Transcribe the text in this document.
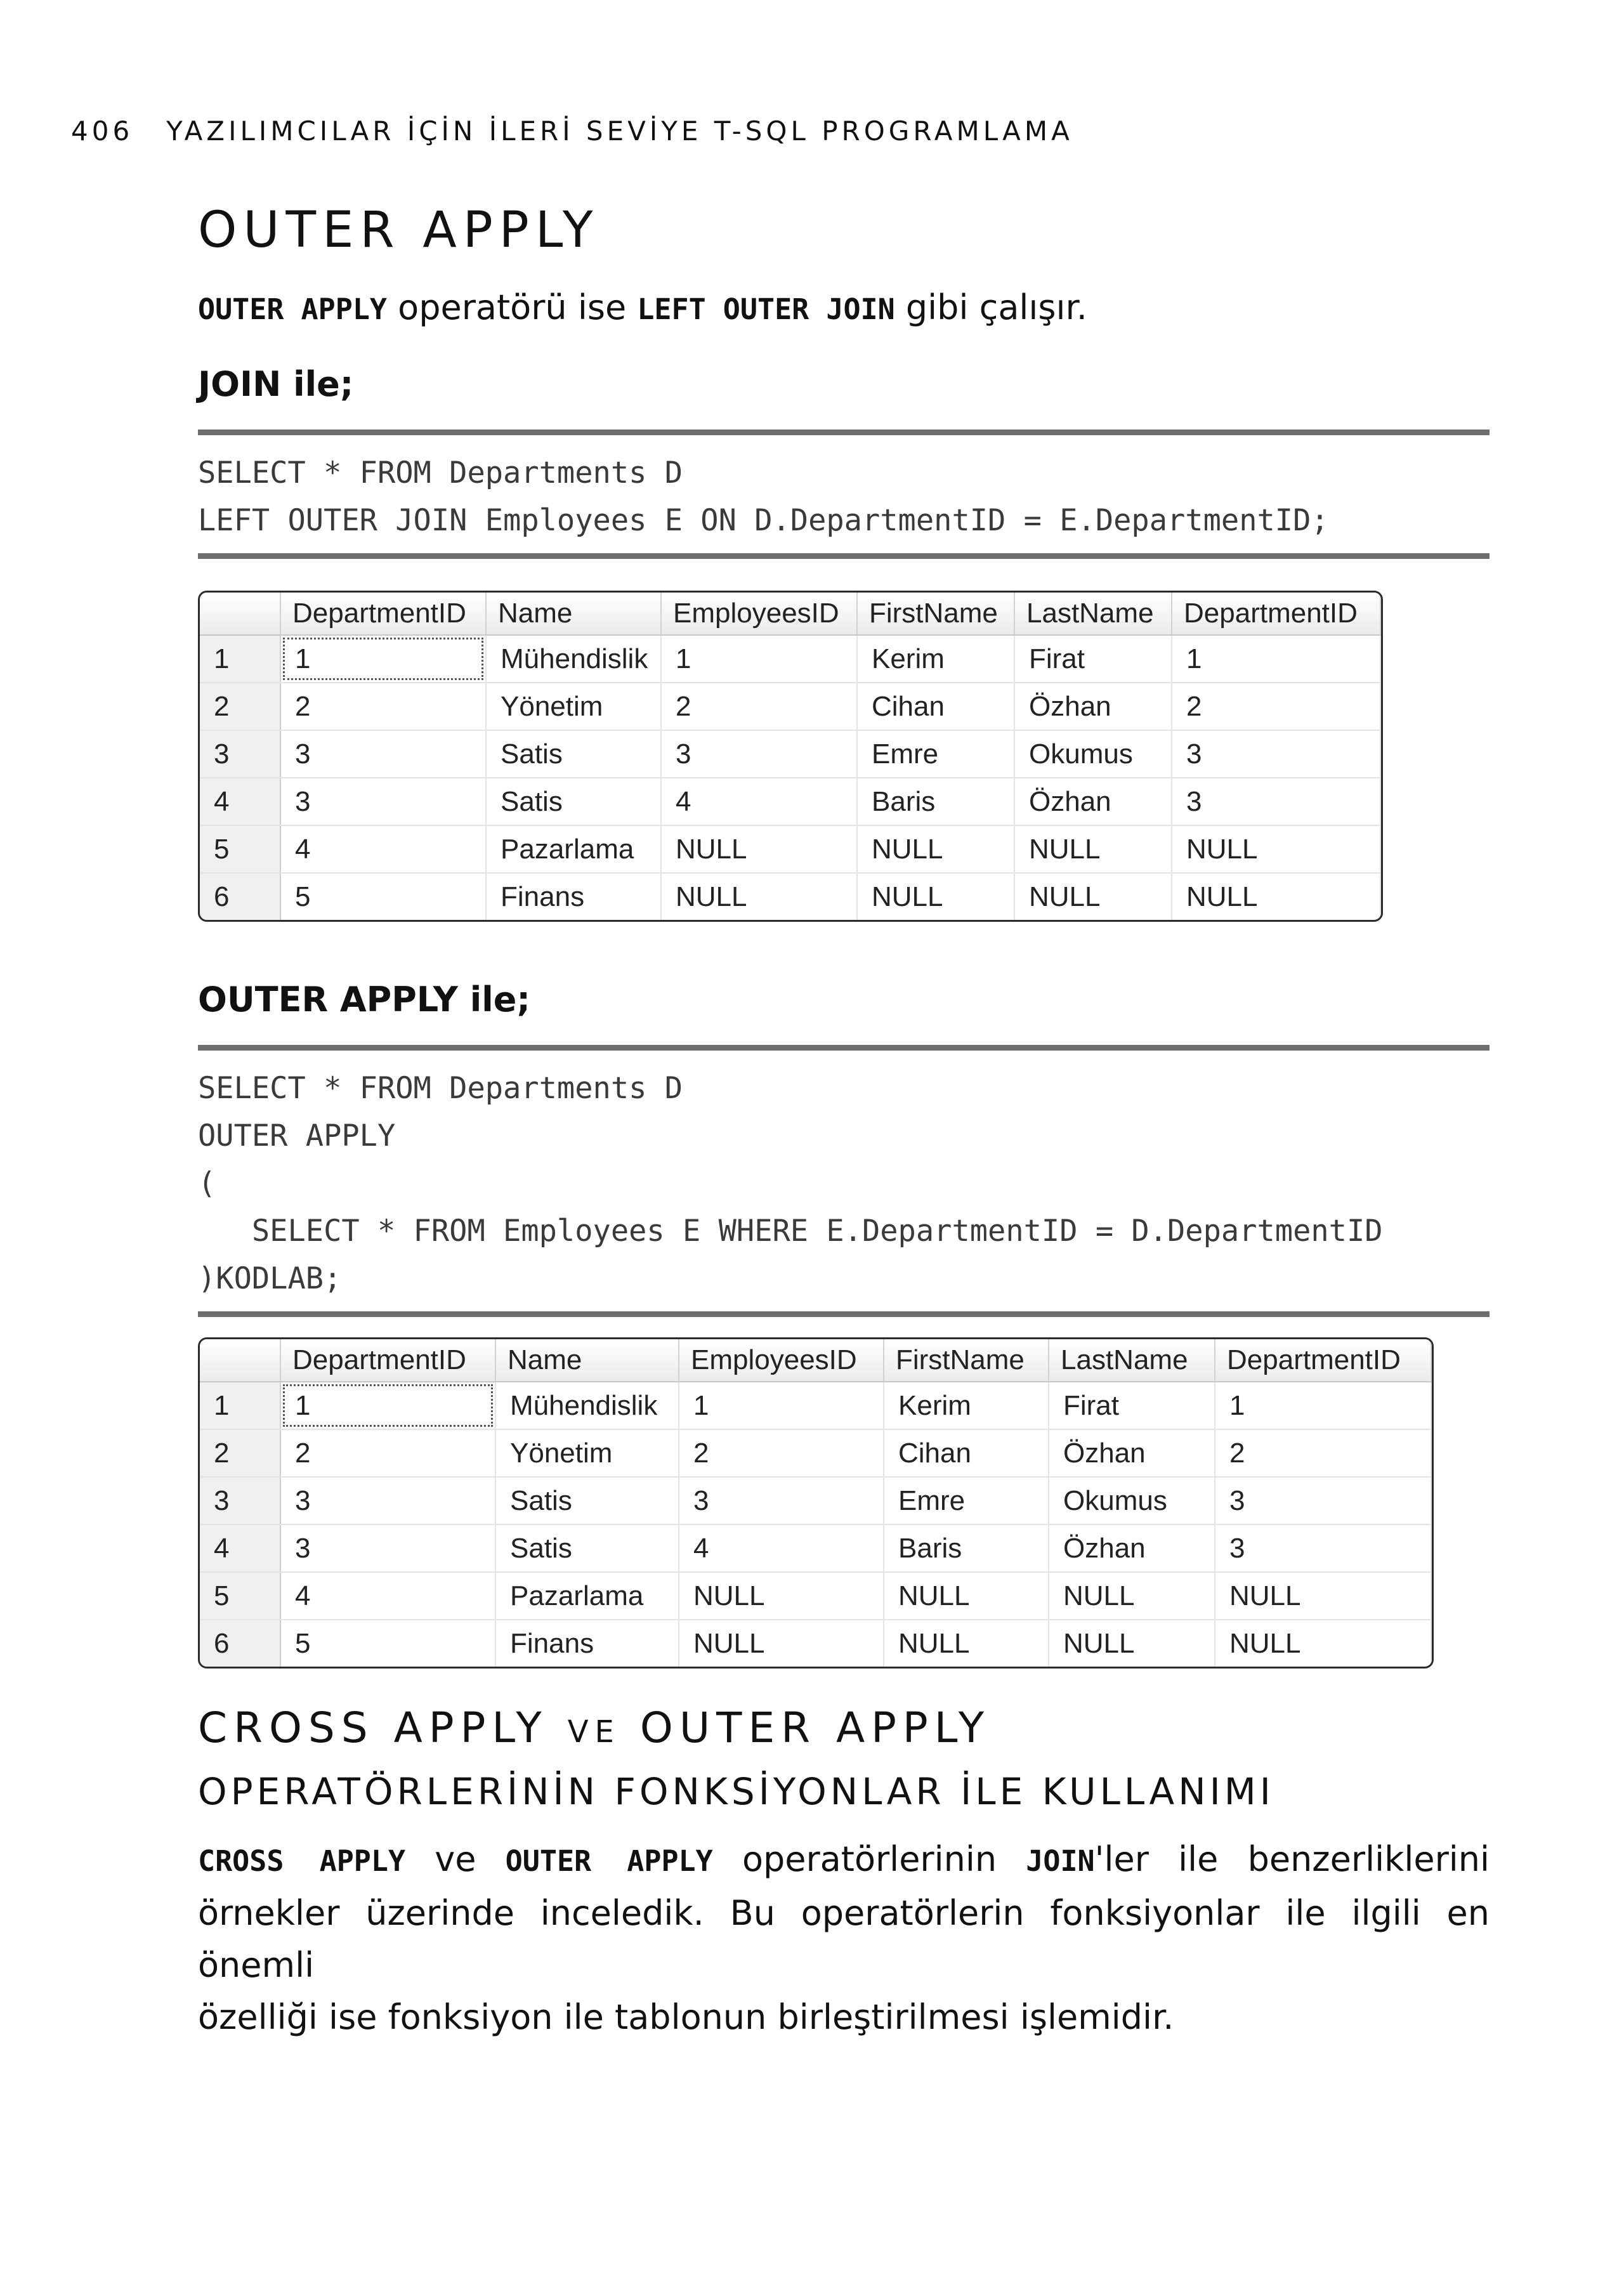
406 YAZILIMCILAR İÇİN İLERİ SEVİYE T-SQL PROGRAMLAMA
OUTER APPLY

OUTER APPLY operatörü ise LEFT OUTER JOIN gibi çalışır.

JOIN ile;

SELECT * FROM Departments D
LEFT OUTER JOIN Employees E ON D.DepartmentID = E.DepartmentID;
	DepartmentID	Name	EmployeesID	FirstName	LastName	DepartmentID
1	1	Mühendislik	1	Kerim	Firat	1
2	2	Yönetim	2	Cihan	Özhan	2
3	3	Satis	3	Emre	Okumus	3
4	3	Satis	4	Baris	Özhan	3
5	4	Pazarlama	NULL	NULL	NULL	NULL
6	5	Finans	NULL	NULL	NULL	NULL

OUTER APPLY ile;

SELECT * FROM Departments D
OUTER APPLY
(
SELECT * FROM Employees E WHERE E.DepartmentID = D.DepartmentID
)KODLAB;
	DepartmentID	Name	EmployeesID	FirstName	LastName	DepartmentID
1	1	Mühendislik	1	Kerim	Firat	1
2	2	Yönetim	2	Cihan	Özhan	2
3	3	Satis	3	Emre	Okumus	3
4	3	Satis	4	Baris	Özhan	3
5	4	Pazarlama	NULL	NULL	NULL	NULL
6	5	Finans	NULL	NULL	NULL	NULL
CROSS APPLY VE OUTER APPLY
OPERATÖRLERİNİN FONKSİYONLAR İLE KULLANIMI
CROSS APPLY ve OUTER APPLY operatörlerinin JOIN'ler ile benzerliklerini
örnekler üzerinde inceledik. Bu operatörlerin fonksiyonlar ile ilgili en önemli
özelliği ise fonksiyon ile tablonun birleştirilmesi işlemidir.
